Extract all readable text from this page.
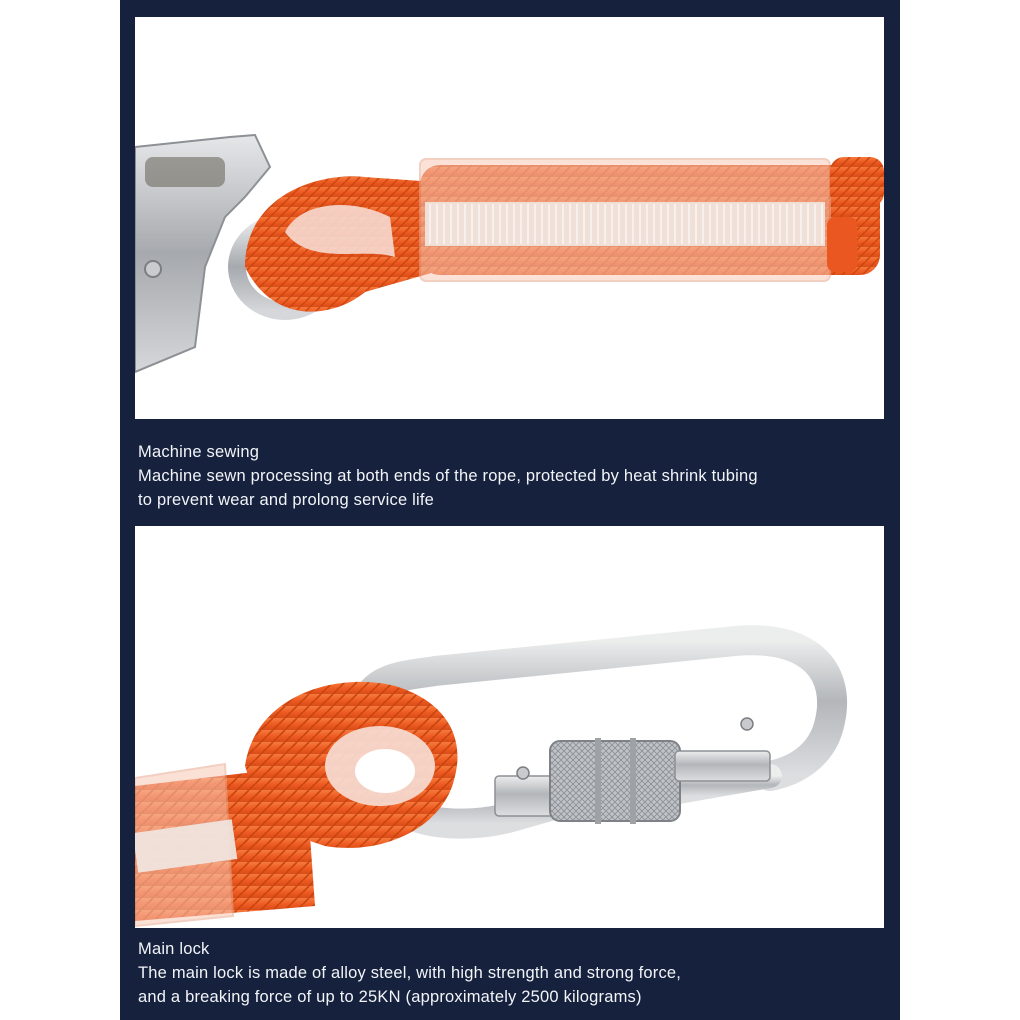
Machine sewing
Machine sewn processing at both ends of the rope, protected by heat shrink tubing
to prevent wear and prolong service life
Main lock
The main lock is made of alloy steel, with high strength and strong force,
and a breaking force of up to 25KN (approximately 2500 kilograms)
